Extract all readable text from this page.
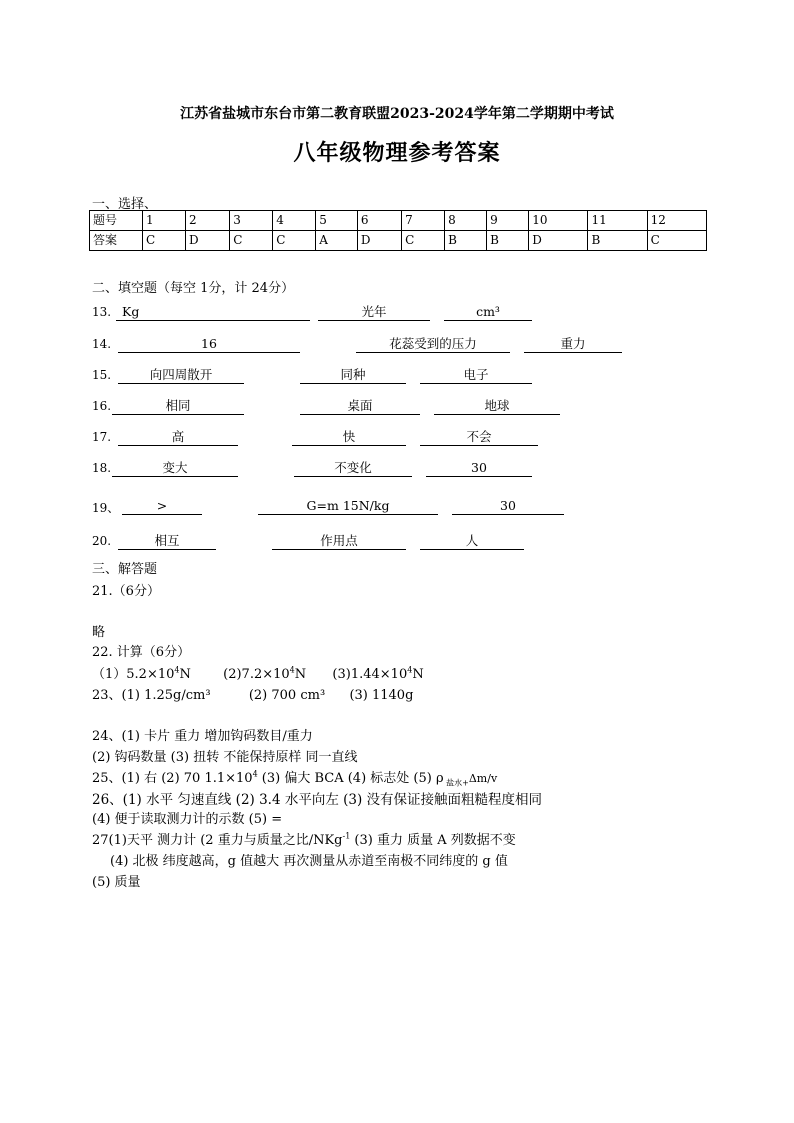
江苏省盐城市东台市第二教育联盟2023-2024学年第二学期期中考试
八年级物理参考答案
一、选择、
题号	1	2	3	4	5	6	7	8	9	10	11	12
答案	C	D	C	C	A	D	C	B	B	D	B	C
二、填空题（每空 1分，计 24分）
13. Kg	光年	cm³
14.	16	花蕊受到的压力	重力
15.	向四周散开	同种	电子
16.	相同	桌面	地球
17.	高	快	不会
18.	变大	不变化	30
19、	>	G=m 15N/kg	30
20.	相互	作用点	人
三、解答题
21.（6分）
略
22. 计算（6分）
$(1)5.2\times 10^4N$ $(2)7.2\times 10^4N$ $(3)1.44\times 10^4N$
23、(1) 1.25g/cm³	(2) 700 cm³ (3) 1140g
24、(1) 卡片 重力 增加钩码数目/重力
(2) 钩码数量 (3) 扭转 不能保持原样 同一直线
25、(1) 右 (2) 70 $1.1\times 10^4$ (3) 偏大 BCA (4) 标志处 (5) ρ $_{盐水+}$Δm/v
26、(1) 水平 匀速直线 (2) 3.4 水平向左 (3) 没有保证接触面粗糙程度相同
(4) 便于读取测力计的示数 (5) =
27(1)天平 测力计 (2 重力与质量之比/NKg$^{-1}$ (3) 重力 质量 A 列数据不变
(4) 北极 纬度越高，g 值越大 再次测量从赤道至南极不同纬度的 g 值
(5) 质量
